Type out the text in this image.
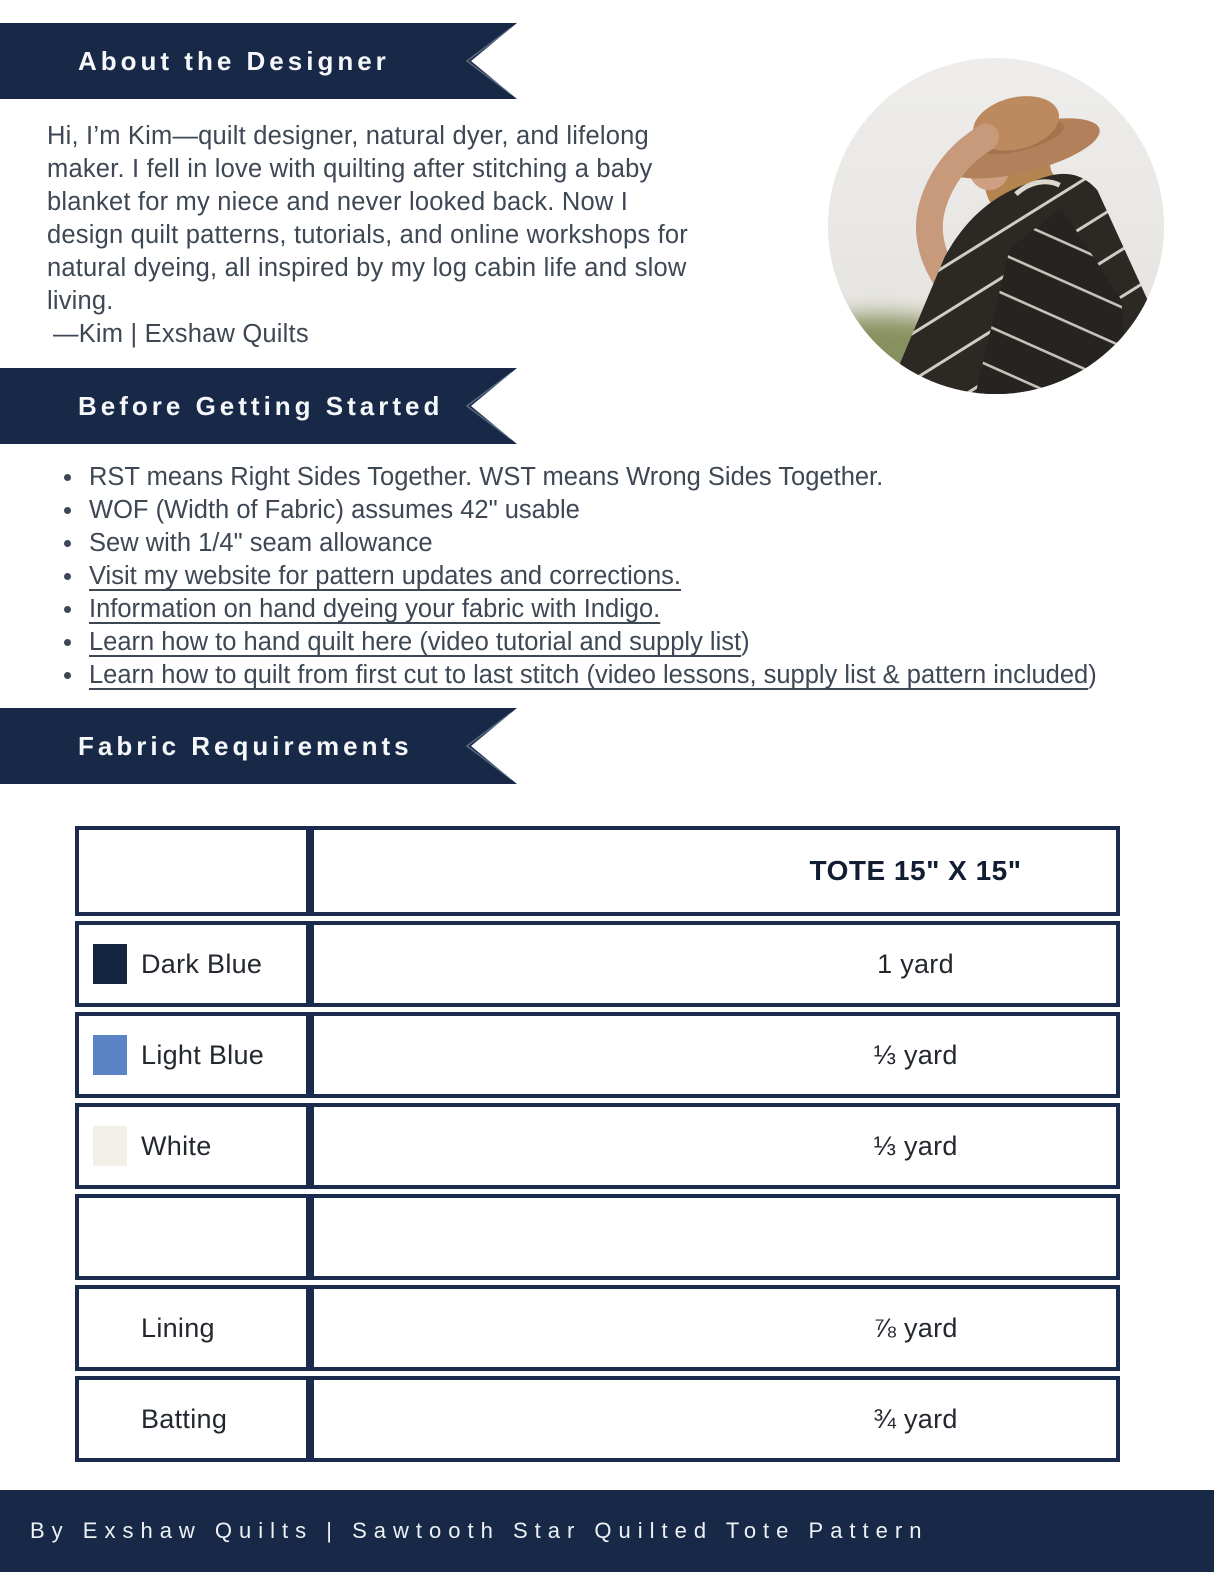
About the Designer
Hi, I’m Kim—quilt designer, natural dyer, and lifelong maker. I fell in love with quilting after stitching a baby blanket for my niece and never looked back. Now I design quilt patterns, tutorials, and online workshops for natural dyeing, all inspired by my log cabin life and slow living.
—Kim | Exshaw Quilts
Before Getting Started
RST means Right Sides Together. WST means Wrong Sides Together.
WOF (Width of Fabric) assumes 42" usable
Sew with 1/4" seam allowance
Visit my website for pattern updates and corrections.
Information on hand dyeing your fabric with Indigo.
Learn how to hand quilt here (video tutorial and supply list)
Learn how to quilt from first cut to last stitch (video lessons, supply list & pattern included)
Fabric Requirements
TOTE 15" X 15"
Dark Blue	1 yard
Light Blue	⅓ yard
White	⅓ yard
Lining	⅞ yard
Batting	¾ yard
By Exshaw Quilts | Sawtooth Star Quilted Tote Pattern
